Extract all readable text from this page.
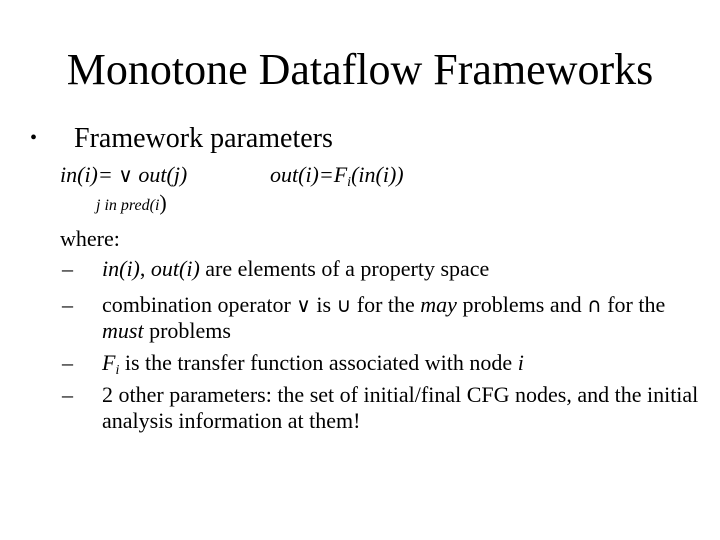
Monotone Dataflow Frameworks
• Framework parameters
in(i)= ∨ out(j)	$out(i)=F_i(in(i))$
j in pred(i)
where:
– in(i), out(i) are elements of a property space
– combination operator ∨ is ∪ for the may problems and ∩ for the must problems
– $F_i$ is the transfer function associated with node i
– 2 other parameters: the set of initial/final CFG nodes, and the initial analysis information at them!
